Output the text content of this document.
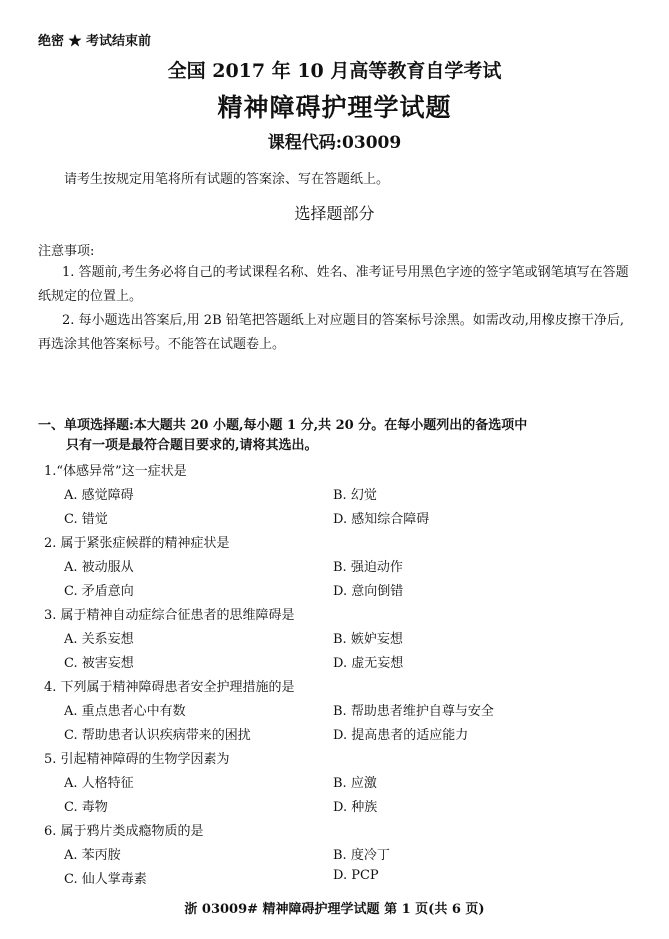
绝密 ★ 考试结束前
全国 2017 年 10 月高等教育自学考试
精神障碍护理学试题
课程代码:03009
请考生按规定用笔将所有试题的答案涂、写在答题纸上。
选择题部分
注意事项:
1. 答题前,考生务必将自己的考试课程名称、姓名、准考证号用黑色字迹的签字笔或钢笔填写在答题纸规定的位置上。
2. 每小题选出答案后,用 2B 铅笔把答题纸上对应题目的答案标号涂黑。如需改动,用橡皮擦干净后,再选涂其他答案标号。不能答在试题卷上。
一、单项选择题:本大题共 20 小题,每小题 1 分,共 20 分。在每小题列出的备选项中
只有一项是最符合题目要求的,请将其选出。
1.“体感异常”这一症状是
A. 感觉障碍	B. 幻觉
C. 错觉	D. 感知综合障碍
2. 属于紧张症候群的精神症状是
A. 被动服从	B. 强迫动作
C. 矛盾意向	D. 意向倒错
3. 属于精神自动症综合征患者的思维障碍是
A. 关系妄想	B. 嫉妒妄想
C. 被害妄想	D. 虚无妄想
4. 下列属于精神障碍患者安全护理措施的是
A. 重点患者心中有数	B. 帮助患者维护自尊与安全
C. 帮助患者认识疾病带来的困扰	D. 提高患者的适应能力
5. 引起精神障碍的生物学因素为
A. 人格特征	B. 应激
C. 毒物	D. 种族
6. 属于鸦片类成瘾物质的是
A. 苯丙胺	B. 度冷丁
C. 仙人掌毒素	D. PCP
浙 03009# 精神障碍护理学试题 第 1 页(共 6 页)
